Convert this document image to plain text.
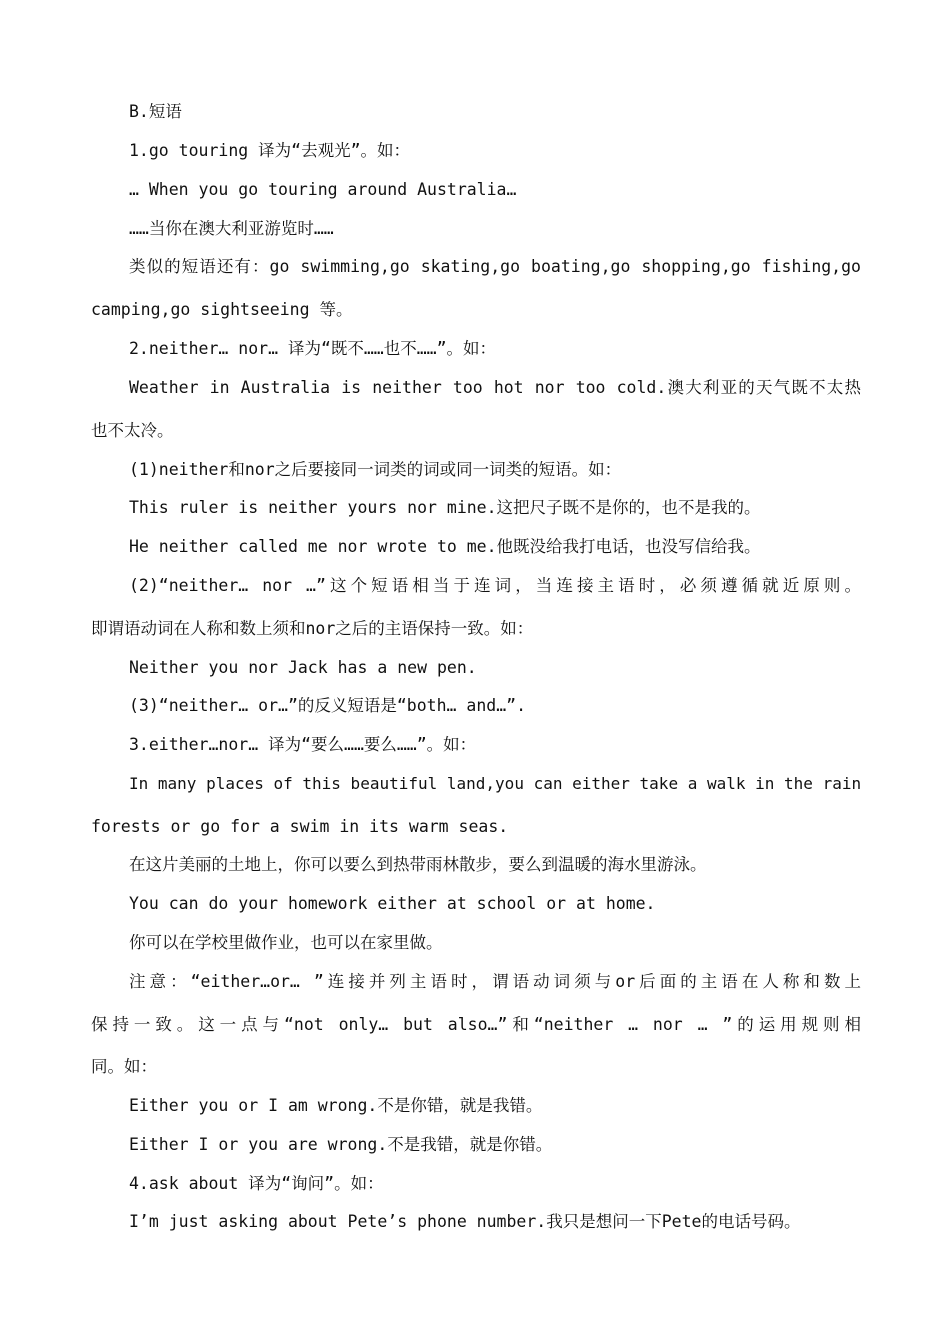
B.短语
1.go touring 译为“去观光”。如：
… When you go touring around Australia…
……当你在澳大利亚游览时……
类似的短语还有：go swimming,go skating,go boating,go shopping,go fishing,go
camping,go sightseeing 等。
2.neither… nor… 译为“既不……也不……”。如：
Weather in Australia is neither too hot nor too cold.澳大利亚的天气既不太热
也不太冷。
(1)neither和nor之后要接同一词类的词或同一词类的短语。如：
This ruler is neither yours nor mine.这把尺子既不是你的，也不是我的。
He neither called me nor wrote to me.他既没给我打电话，也没写信给我。
(2)“neither… nor …”这个短语相当于连词，当连接主语时，必须遵循就近原则。
即谓语动词在人称和数上须和nor之后的主语保持一致。如：
Neither you nor Jack has a new pen.
(3)“neither… or…”的反义短语是“both… and…”.
3.either…nor… 译为“要么……要么……”。如：
In many places of this beautiful land,you can either take a walk in the rain
forests or go for a swim in its warm seas.
在这片美丽的土地上，你可以要么到热带雨林散步，要么到温暖的海水里游泳。
You can do your homework either at school or at home.
你可以在学校里做作业，也可以在家里做。
注意：“either…or… ”连接并列主语时，谓语动词须与or后面的主语在人称和数上
保持一致。这一点与“not only… but also…”和“neither … nor … ”的运用规则相
同。如：
Either you or I am wrong.不是你错，就是我错。
Either I or you are wrong.不是我错，就是你错。
4.ask about 译为“询问”。如：
I’m just asking about Pete’s phone number.我只是想问一下Pete的电话号码。
